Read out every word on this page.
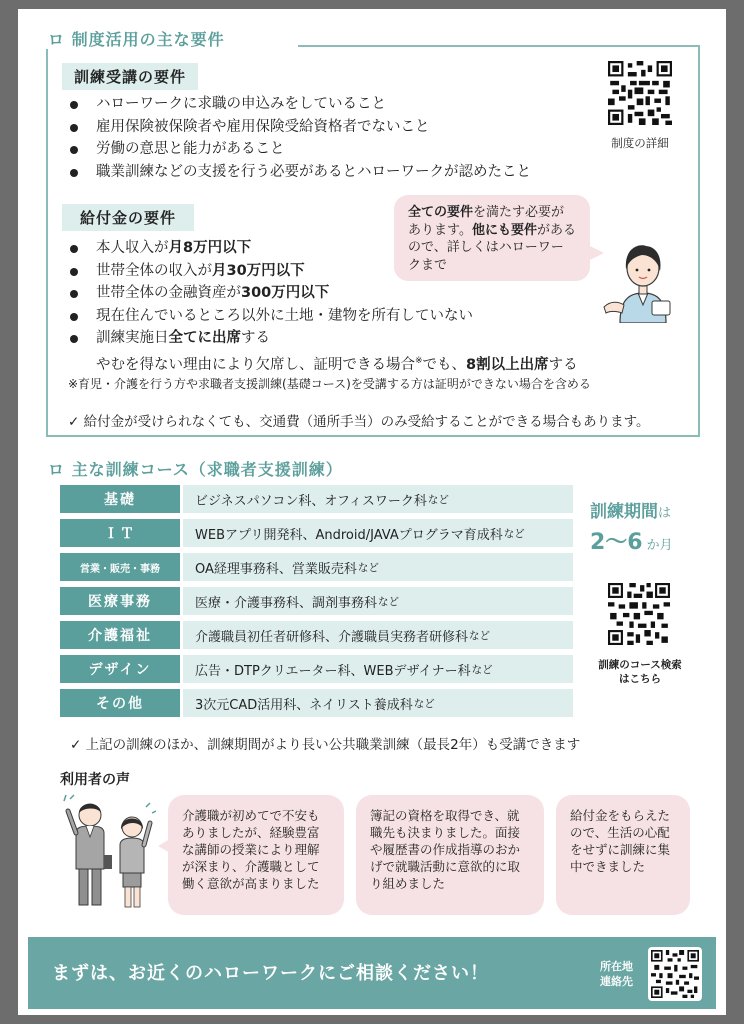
ロ 制度活用の主な要件
訓練受講の要件
ハローワークに求職の申込みをしていること
雇用保険被保険者や雇用保険受給資格者でないこと
労働の意思と能力があること
職業訓練などの支援を行う必要があるとハローワークが認めたこと
制度の詳細
給付金の要件	全ての要件を満たす必要があります。他にも要件があるので、詳しくはハローワークまで
本人収入が月8万円以下
世帯全体の収入が月30万円以下
世帯全体の金融資産が300万円以下
現在住んでいるところ以外に土地・建物を所有していない
訓練実施日全てに出席する
やむを得ない理由により欠席し、証明できる場合※でも、8割以上出席する
※育児・介護を行う方や求職者支援訓練(基礎コース)を受講する方は証明ができない場合を含める
✓ 給付金が受けられなくても、交通費（通所手当）のみ受給することができる場合もあります。
ロ 主な訓練コース（求職者支援訓練）
基礎	ビジネスパソコン科、オフィスワーク科 など
ＩＴ	WEBアプリ開発科、Android/JAVAプログラマ育成科 など
営業・販売・事務	OA経理事務科、営業販売科 など
医療事務	医療・介護事務科、調剤事務科 など
介護福祉	介護職員初任者研修科、介護職員実務者研修科 など
デザイン	広告・DTPクリエーター科、WEBデザイナー科 など
その他	3次元CAD活用科、ネイリスト養成科 など
訓練期間は
2〜6 か月
訓練のコース検索
はこちら
✓ 上記の訓練のほか、訓練期間がより長い公共職業訓練（最長2年）も受講できます
利用者の声
介護職が初めてで不安もありましたが、経験豊富な講師の授業により理解が深まり、介護職として働く意欲が高まりました
簿記の資格を取得でき、就職先も決まりました。面接や履歴書の作成指導のおかげで就職活動に意欲的に取り組めました
給付金をもらえたので、生活の心配をせずに訓練に集中できました
まずは、お近くのハローワークにご相談ください！	所在地
連絡先
